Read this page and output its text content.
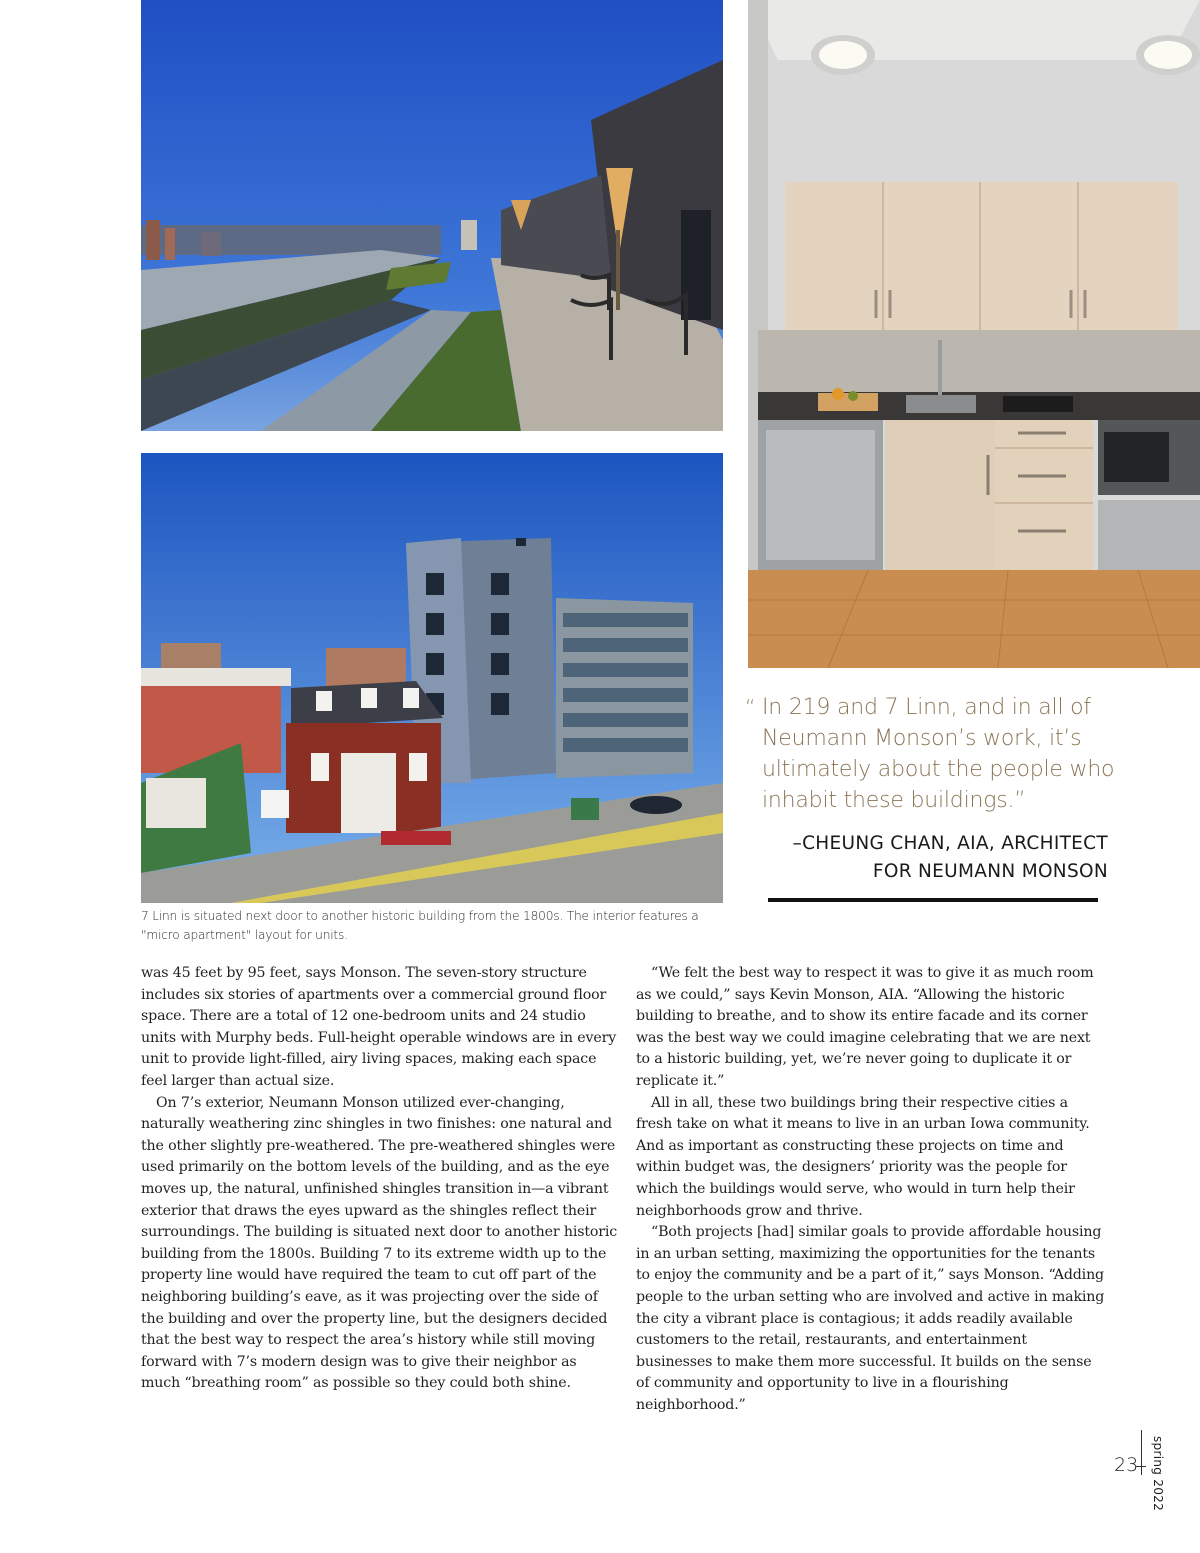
7 Linn is situated next door to another historic building from the 1800s. The interior features a "micro apartment" layout for units.
“ In 219 and 7 Linn, and in all of
Neumann Monson’s work, it’s
ultimately about the people who
inhabit these buildings.”
–CHEUNG CHAN, AIA, ARCHITECT
FOR NEUMANN MONSON

was 45 feet by 95 feet, says Monson. The seven-story structure includes six stories of apartments over a commercial ground floor space. There are a total of 12 one-bedroom units and 24 studio units with Murphy beds. Full-height operable windows are in every unit to provide light-filled, airy living spaces, making each space feel larger than actual size.

On 7’s exterior, Neumann Monson utilized ever-changing, naturally weathering zinc shingles in two finishes: one natural and the other slightly pre-weathered. The pre-weathered shingles were used primarily on the bottom levels of the building, and as the eye moves up, the natural, unfinished shingles transition in—a vibrant exterior that draws the eyes upward as the shingles reflect their surroundings. The building is situated next door to another historic building from the 1800s. Building 7 to its extreme width up to the property line would have required the team to cut off part of the neighboring building’s eave, as it was projecting over the side of the building and over the property line, but the designers decided that the best way to respect the area’s history while still moving forward with 7’s modern design was to give their neighbor as much “breathing room” as possible so they could both shine.

“We felt the best way to respect it was to give it as much room as we could,” says Kevin Monson, AIA. “Allowing the historic building to breathe, and to show its entire facade and its corner was the best way we could imagine celebrating that we are next to a historic building, yet, we’re never going to duplicate it or replicate it.”

All in all, these two buildings bring their respective cities a fresh take on what it means to live in an urban Iowa community. And as important as constructing these projects on time and within budget was, the designers’ priority was the people for which the buildings would serve, who would in turn help their neighborhoods grow and thrive.

“Both projects [had] similar goals to provide affordable housing in an urban setting, maximizing the opportunities for the tenants to enjoy the community and be a part of it,” says Monson. “Adding people to the urban setting who are involved and active in making the city a vibrant place is contagious; it adds readily available customers to the retail, restaurants, and entertainment businesses to make them more successful. It builds on the sense of community and opportunity to live in a flourishing neighborhood.”

23	spring 2022
